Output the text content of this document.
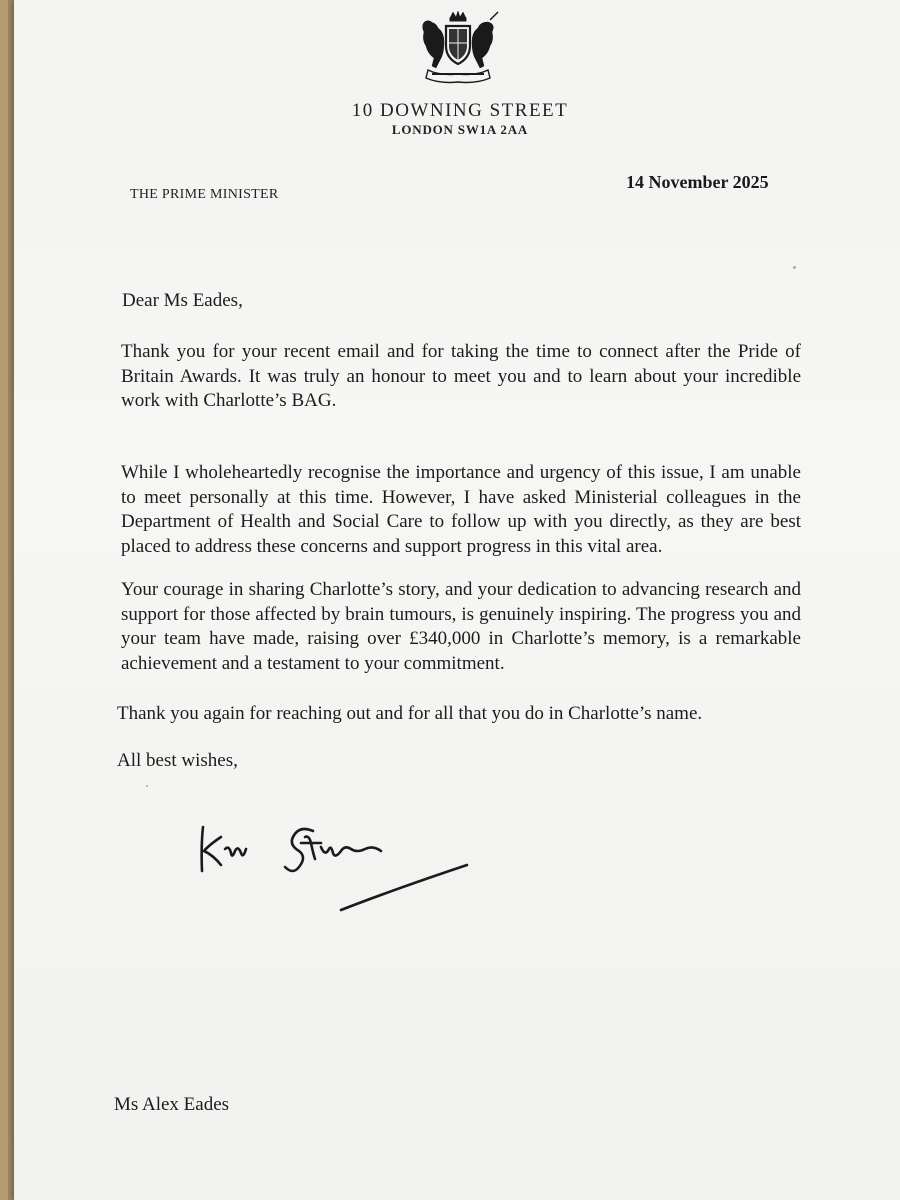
10 DOWNING STREET
LONDON SW1A 2AA
THE PRIME MINISTER
14 November 2025
Dear Ms Eades,
Thank you for your recent email and for taking the time to connect after the Pride of Britain Awards. It was truly an honour to meet you and to learn about your incredible work with Charlotte’s BAG.
While I wholeheartedly recognise the importance and urgency of this issue, I am unable to meet personally at this time. However, I have asked Ministerial colleagues in the Department of Health and Social Care to follow up with you directly, as they are best placed to address these concerns and support progress in this vital area.
Your courage in sharing Charlotte’s story, and your dedication to advancing research and support for those affected by brain tumours, is genuinely inspiring. The progress you and your team have made, raising over £340,000 in Charlotte’s memory, is a remarkable achievement and a testament to your commitment.
Thank you again for reaching out and for all that you do in Charlotte’s name.
All best wishes,
Ms Alex Eades
